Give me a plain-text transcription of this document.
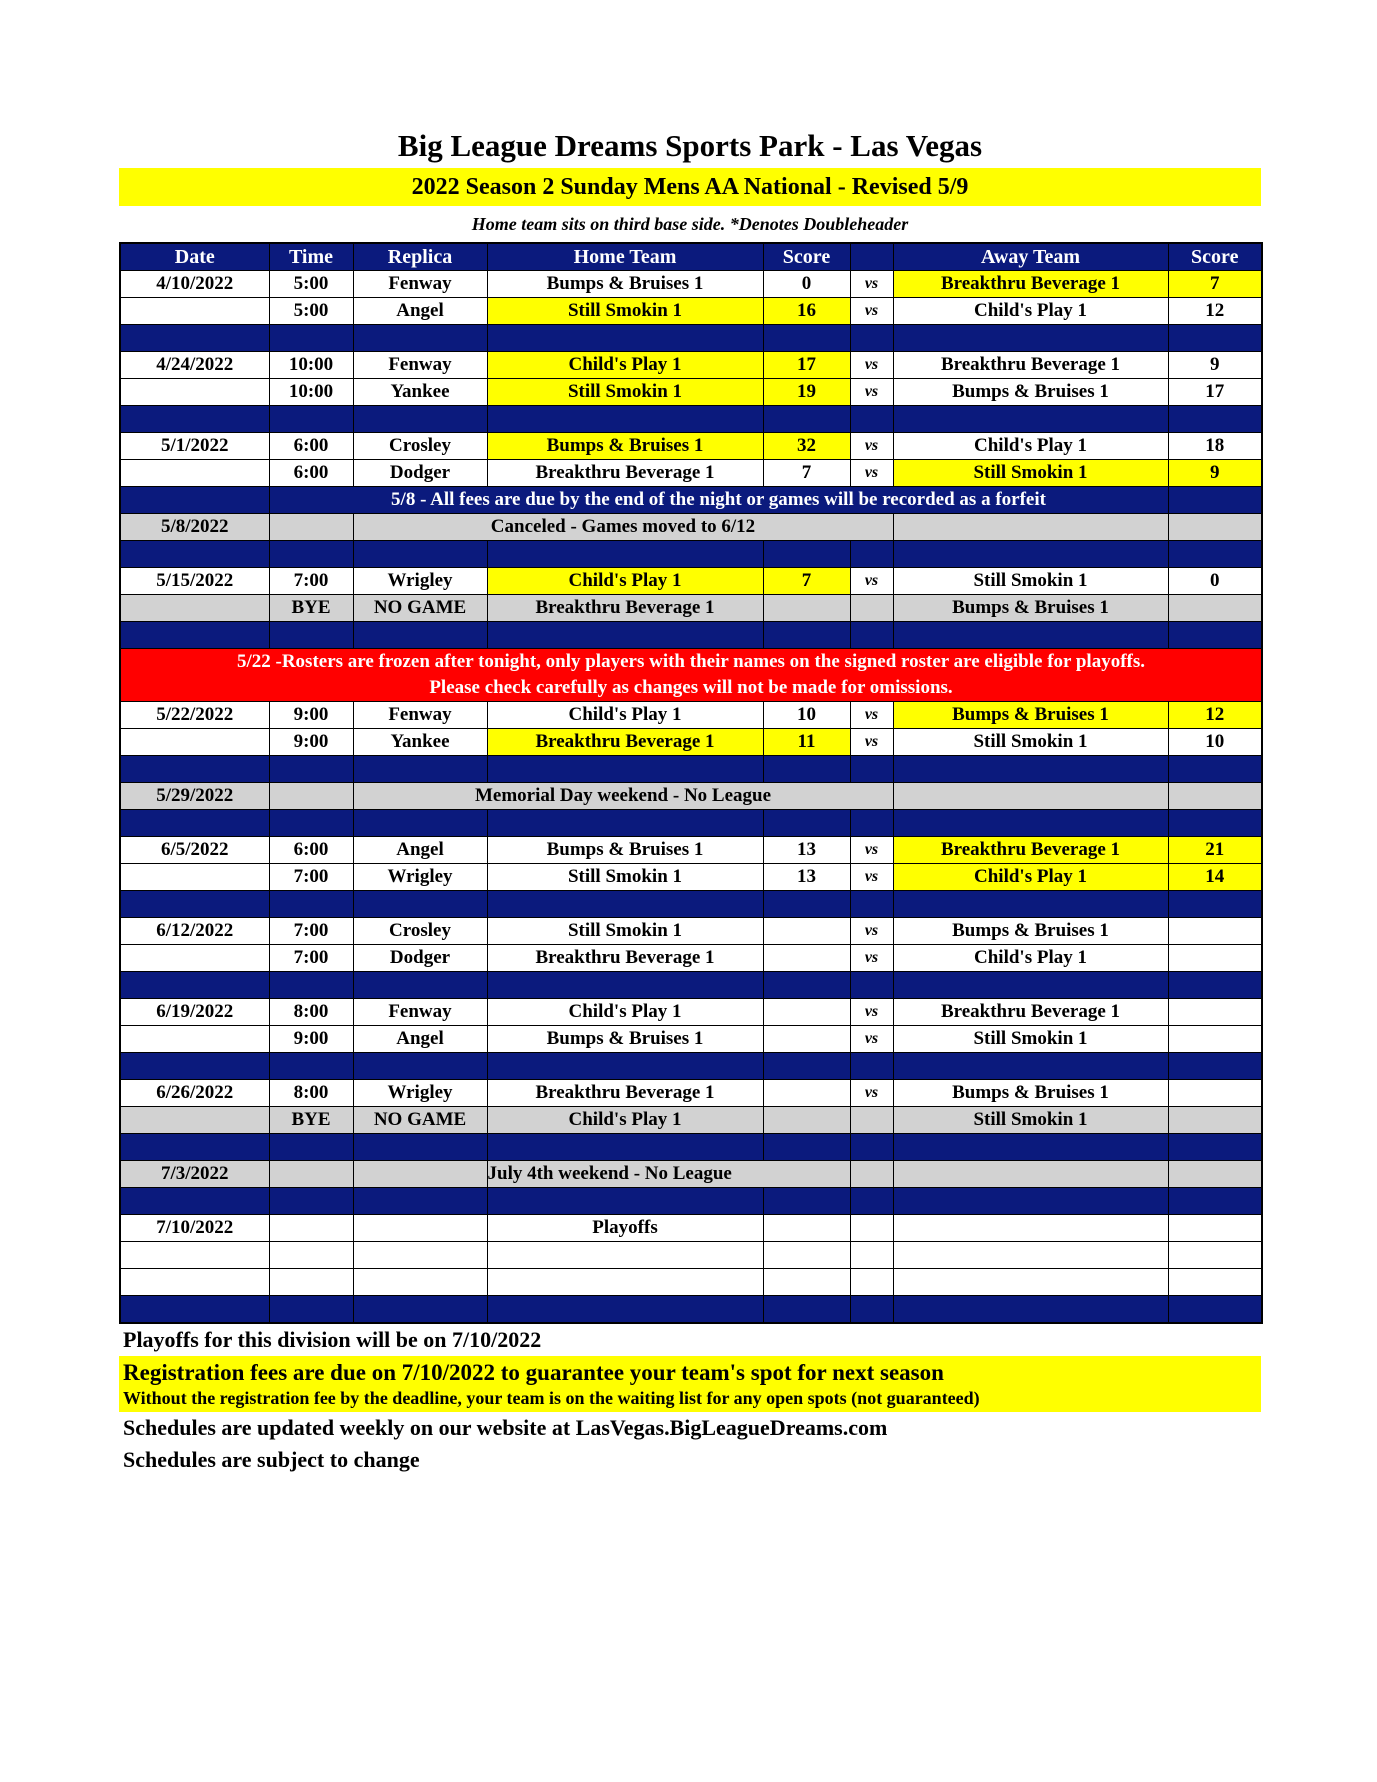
Big League Dreams Sports Park - Las Vegas
2022 Season 2 Sunday Mens AA National - Revised 5/9
Home team sits on third base side. *Denotes Doubleheader
Date	Time	Replica	Home Team	Score		Away Team	Score
4/10/2022	5:00	Fenway	Bumps & Bruises 1	0	vs	Breakthru Beverage 1	7
	5:00	Angel	Still Smokin 1	16	vs	Child's Play 1	12

4/24/2022	10:00	Fenway	Child's Play 1	17	vs	Breakthru Beverage 1	9
	10:00	Yankee	Still Smokin 1	19	vs	Bumps & Bruises 1	17

5/1/2022	6:00	Crosley	Bumps & Bruises 1	32	vs	Child's Play 1	18
	6:00	Dodger	Breakthru Beverage 1	7	vs	Still Smokin 1	9
	5/8 - All fees are due by the end of the night or games will be recorded as a forfeit						
5/8/2022		Canceled - Games moved to 6/12					

5/15/2022	7:00	Wrigley	Child's Play 1	7	vs	Still Smokin 1	0
	BYE	NO GAME	Breakthru Beverage 1			Bumps & Bruises 1	

5/22 -Rosters are frozen after tonight, only players with their names on the signed roster are eligible for playoffs.							
Please check carefully as changes will not be made for omissions.							
5/22/2022	9:00	Fenway	Child's Play 1	10	vs	Bumps & Bruises 1	12
	9:00	Yankee	Breakthru Beverage 1	11	vs	Still Smokin 1	10

5/29/2022		Memorial Day weekend - No League					

6/5/2022	6:00	Angel	Bumps & Bruises 1	13	vs	Breakthru Beverage 1	21
	7:00	Wrigley	Still Smokin 1	13	vs	Child's Play 1	14

6/12/2022	7:00	Crosley	Still Smokin 1		vs	Bumps & Bruises 1	
	7:00	Dodger	Breakthru Beverage 1		vs	Child's Play 1	

6/19/2022	8:00	Fenway	Child's Play 1		vs	Breakthru Beverage 1	
	9:00	Angel	Bumps & Bruises 1		vs	Still Smokin 1	

6/26/2022	8:00	Wrigley	Breakthru Beverage 1		vs	Bumps & Bruises 1	
	BYE	NO GAME	Child's Play 1			Still Smokin 1	

7/3/2022			July 4th weekend - No League				

7/10/2022			Playoffs				

Playoffs for this division will be on 7/10/2022
Registration fees are due on 7/10/2022 to guarantee your team's spot for next season
Without the registration fee by the deadline, your team is on the waiting list for any open spots (not guaranteed)
Schedules are updated weekly on our website at LasVegas.BigLeagueDreams.com
Schedules are subject to change
